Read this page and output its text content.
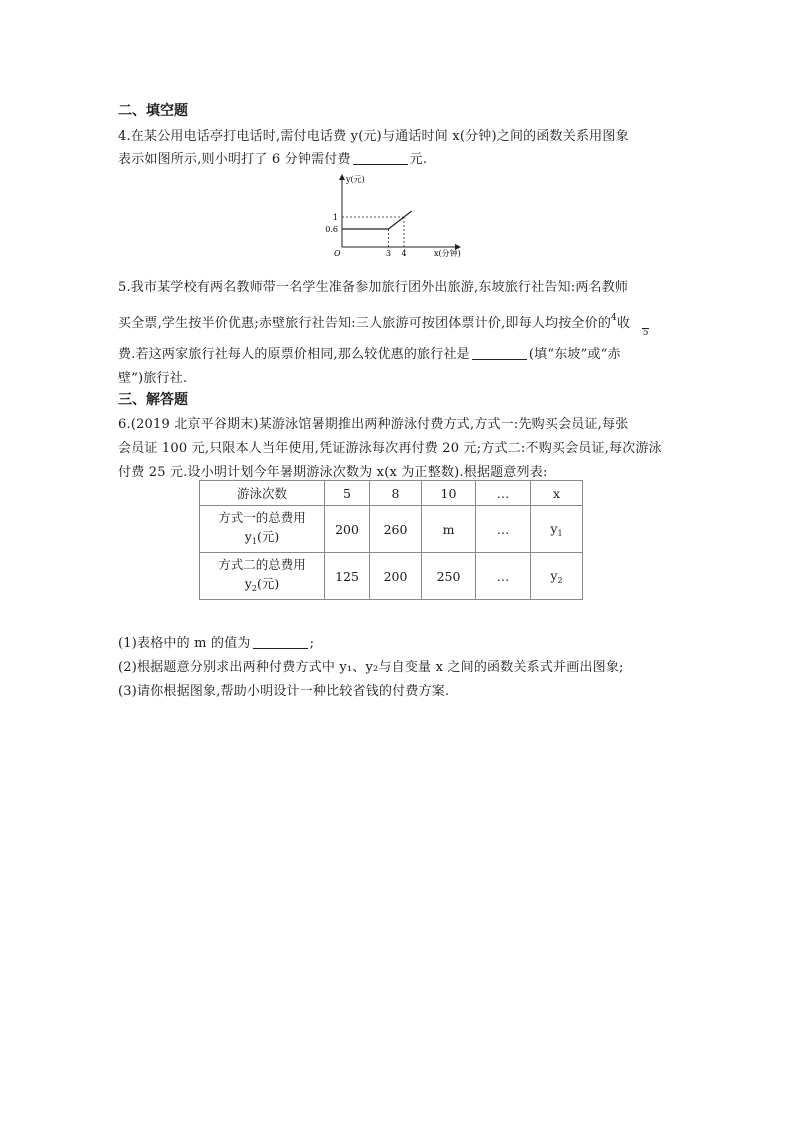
二、填空题
4.在某公用电话亭打电话时,需付电话费 y(元)与通话时间 x(分钟)之间的函数关系用图象
表示如图所示,则小明打了 6 分钟需付费	元.
y(元)
x(分钟)
O	3 4
0.6
1
5.我市某学校有两名教师带一名学生准备参加旅行团外出旅游,东坡旅行社告知:两名教师
买全票,学生按半价优惠;赤壁旅行社告知:三人旅游可按团体票计价,即每人均按全价的$^4$收
5
费.若这两家旅行社每人的原票价相同,那么较优惠的旅行社是	(填“东坡”或“赤
壁”)旅行社.
三、解答题
6.(2019 北京平谷期末)某游泳馆暑期推出两种游泳付费方式,方式一:先购买会员证,每张
会员证 100 元,只限本人当年使用,凭证游泳每次再付费 20 元;方式二:不购买会员证,每次游泳
付费 25 元.设小明计划今年暑期游泳次数为 x(x 为正整数).根据题意列表:
游泳次数	5	8	10	…	x

方式一的总费用
$y_1$(元)	200	260	m	…	$y_1$

方式二的总费用
$y_2$(元)	125	200	250	…	$y_2$
(1)表格中的 m 的值为	;
(2)根据题意分别求出两种付费方式中 y₁、y₂与自变量 x 之间的函数关系式并画出图象;
(3)请你根据图象,帮助小明设计一种比较省钱的付费方案.
